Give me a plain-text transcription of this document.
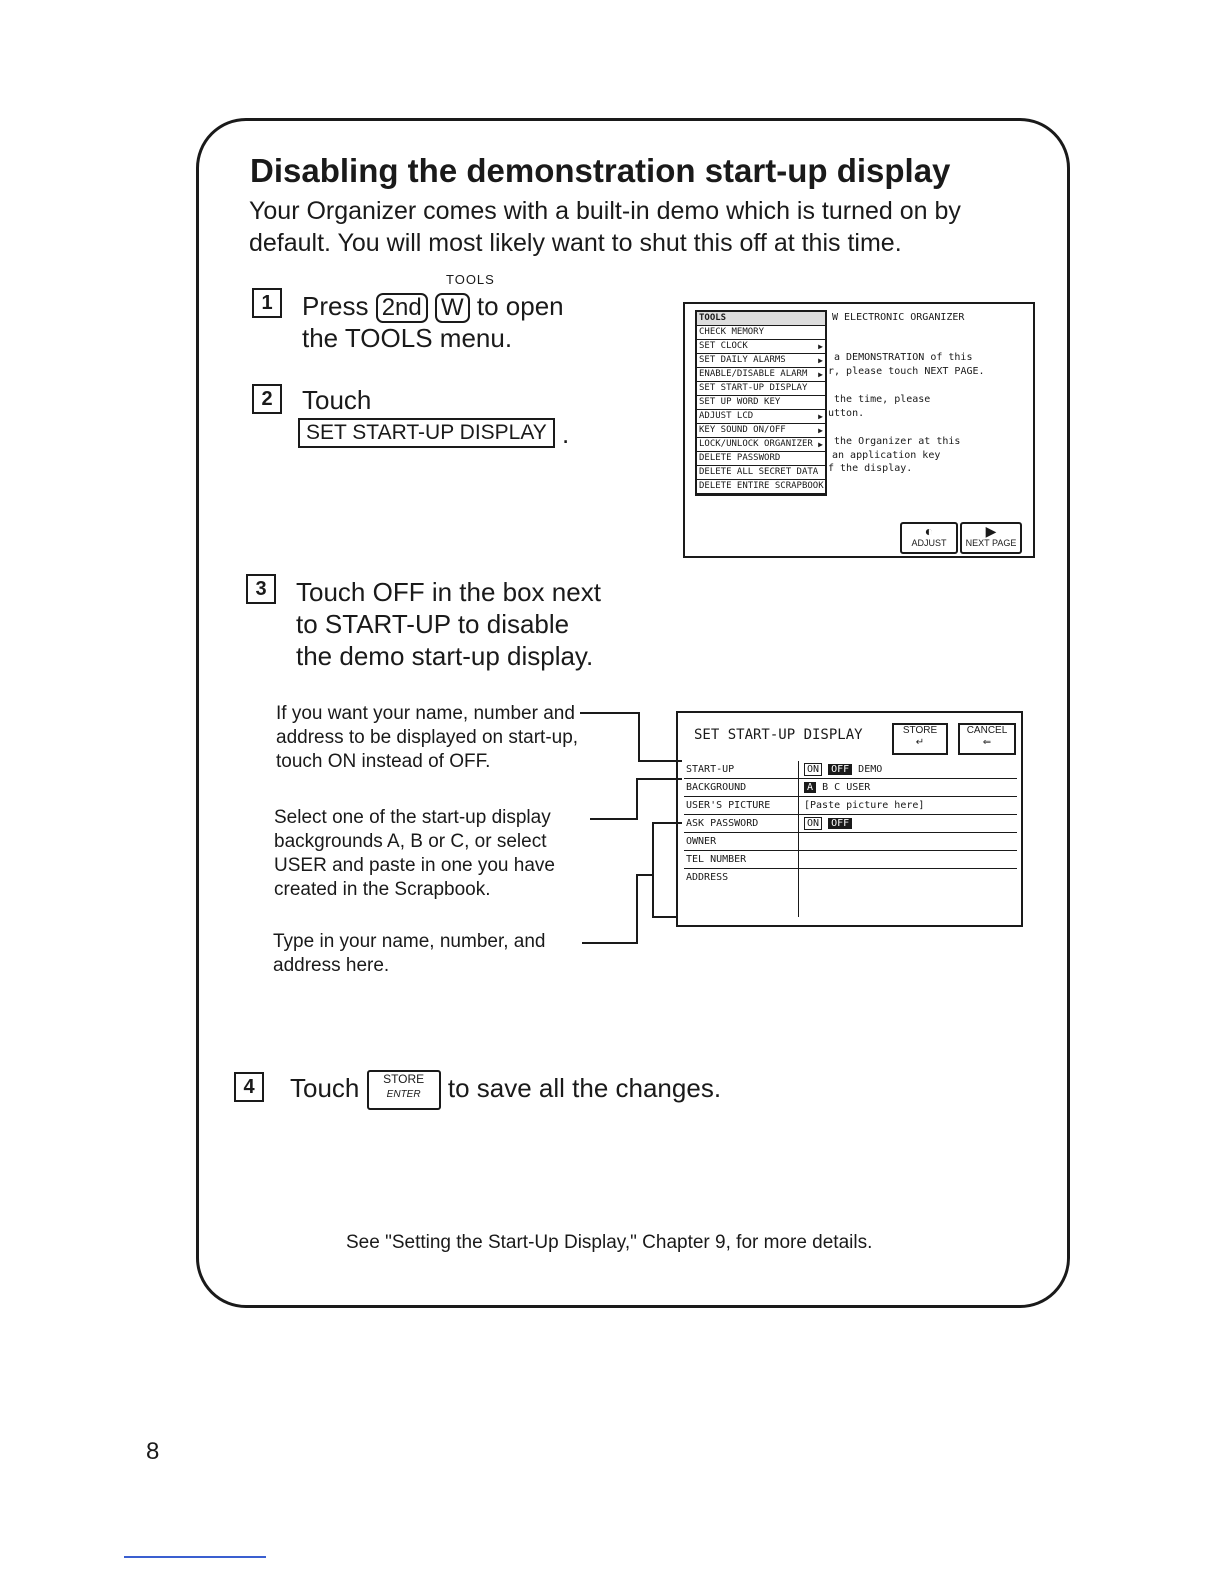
Disabling the demonstration start-up display
Your Organizer comes with a built-in demo which is turned on by default. You will most likely want to shut this off at this time.
TOOLS
1	Press 2nd W to open
the TOOLS menu.
2	Touch
SET START-UP DISPLAY .
TOOLS
CHECK MEMORY
SET CLOCK	▶
SET DAILY ALARMS	▶
ENABLE/DISABLE ALARM ▶
SET START-UP DISPLAY
SET UP WORD KEY
ADJUST LCD	▶
KEY SOUND ON/OFF	▶
LOCK/UNLOCK ORGANIZER ▶
DELETE PASSWORD
DELETE ALL SECRET DATA
DELETE ENTIRE SCRAPBOOK
W ELECTRONIC ORGANIZER
a DEMONSTRATION of this
r, please touch NEXT PAGE.
the time, please
utton.
the Organizer at this
an application key
f the display.
◐
ADJUST
▶
NEXT PAGE
3	Touch OFF in the box next
to START-UP to disable
the demo start-up display.
SET START-UP DISPLAY	STORE
↵
CANCEL
⇐
START-UP	ON OFF DEMO
BACKGROUND	A B C USER
USER'S PICTURE	[Paste picture here]
ASK PASSWORD	ON OFF
OWNER
TEL NUMBER
ADDRESS
If you want your name, number and address to be displayed on start-up, touch ON instead of OFF.
Select one of the start-up display backgrounds A, B or C, or select USER and paste in one you have created in the Scrapbook.
Type in your name, number, and address here.
4	Touch STORE
ENTER to save all the changes.
See "Setting the Start-Up Display," Chapter 9, for more details.
8
